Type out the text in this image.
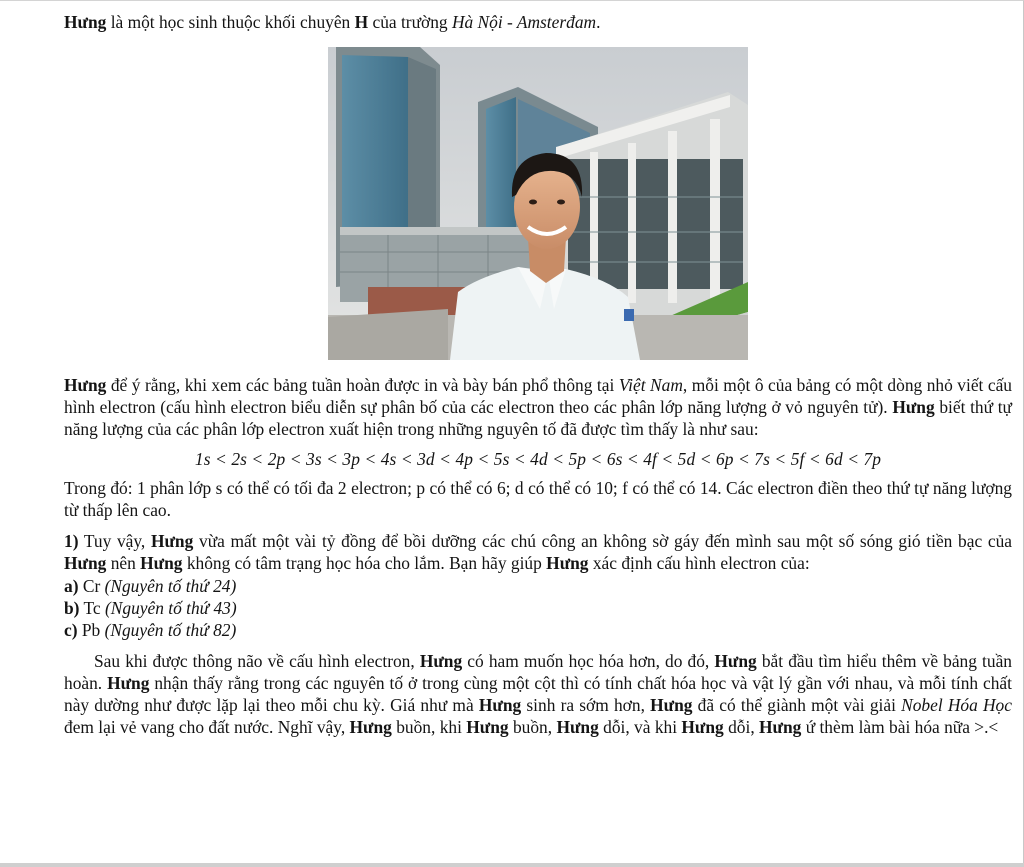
Hưng là một học sinh thuộc khối chuyên H của trường Hà Nội - Amsterđam.

Hưng để ý rằng, khi xem các bảng tuần hoàn được in và bày bán phổ thông tại Việt Nam, mỗi một ô của bảng có một dòng nhỏ viết cấu hình electron (cấu hình electron biểu diễn sự phân bố của các electron theo các phân lớp năng lượng ở vỏ nguyên tử). Hưng biết thứ tự năng lượng của các phân lớp electron xuất hiện trong những nguyên tố đã được tìm thấy là như sau:

1s < 2s < 2p < 3s < 3p < 4s < 3d < 4p < 5s < 4d < 5p < 6s < 4f < 5d < 6p < 7s < 5f < 6d < 7p

Trong đó: 1 phân lớp s có thể có tối đa 2 electron; p có thể có 6; d có thể có 10; f có thể có 14. Các electron điền theo thứ tự năng lượng từ thấp lên cao.

1) Tuy vậy, Hưng vừa mất một vài tỷ đồng để bồi dưỡng các chú công an không sờ gáy đến mình sau một số sóng gió tiền bạc của Hưng nên Hưng không có tâm trạng học hóa cho lắm. Bạn hãy giúp Hưng xác định cấu hình electron của:

a) Cr (Nguyên tố thứ 24)

b) Tc (Nguyên tố thứ 43)

c) Pb (Nguyên tố thứ 82)

Sau khi được thông não về cấu hình electron, Hưng có ham muốn học hóa hơn, do đó, Hưng bắt đầu tìm hiểu thêm về bảng tuần hoàn. Hưng nhận thấy rằng trong các nguyên tố ở trong cùng một cột thì có tính chất hóa học và vật lý gần với nhau, và mỗi tính chất này dường như được lặp lại theo mỗi chu kỳ. Giá như mà Hưng sinh ra sớm hơn, Hưng đã có thể giành một vài giải Nobel Hóa Học đem lại vẻ vang cho đất nước. Nghĩ vậy, Hưng buồn, khi Hưng buồn, Hưng dỗi, và khi Hưng dỗi, Hưng ứ thèm làm bài hóa nữa >.<
